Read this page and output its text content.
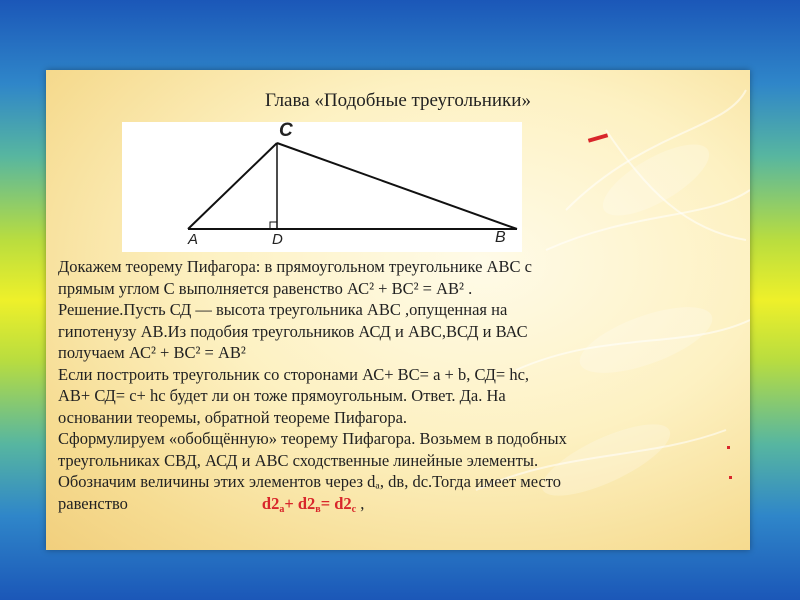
Глава «Подобные треугольники»
C
A	D	B
Докажем теорему Пифагора: в прямоугольном треугольнике АВС с
прямым углом С выполняется равенство АС² + ВС² = АВ² .
Решение.Пусть СД — высота треугольника АВС ,опущенная на
гипотенузу АВ.Из подобия треугольников АСД и АВС,ВСД и ВАС
получаем АС² + ВС² = АВ²
Если построить треугольник со сторонами АС+ ВС= а + b, СД= hс,
АВ+ СД= с+ hс будет ли он тоже прямоугольным. Ответ. Да. На
основании теоремы, обратной теореме Пифагора.
Сформулируем «обобщённую» теорему Пифагора. Возьмем в подобных
треугольниках СВД, АСД и АВС сходственные линейные элементы.
Обозначим величины этих элементов через dₐ, dв, dс.Тогда имеет место
равенство	$d2_a+ d2_в= d2_c$ ,
